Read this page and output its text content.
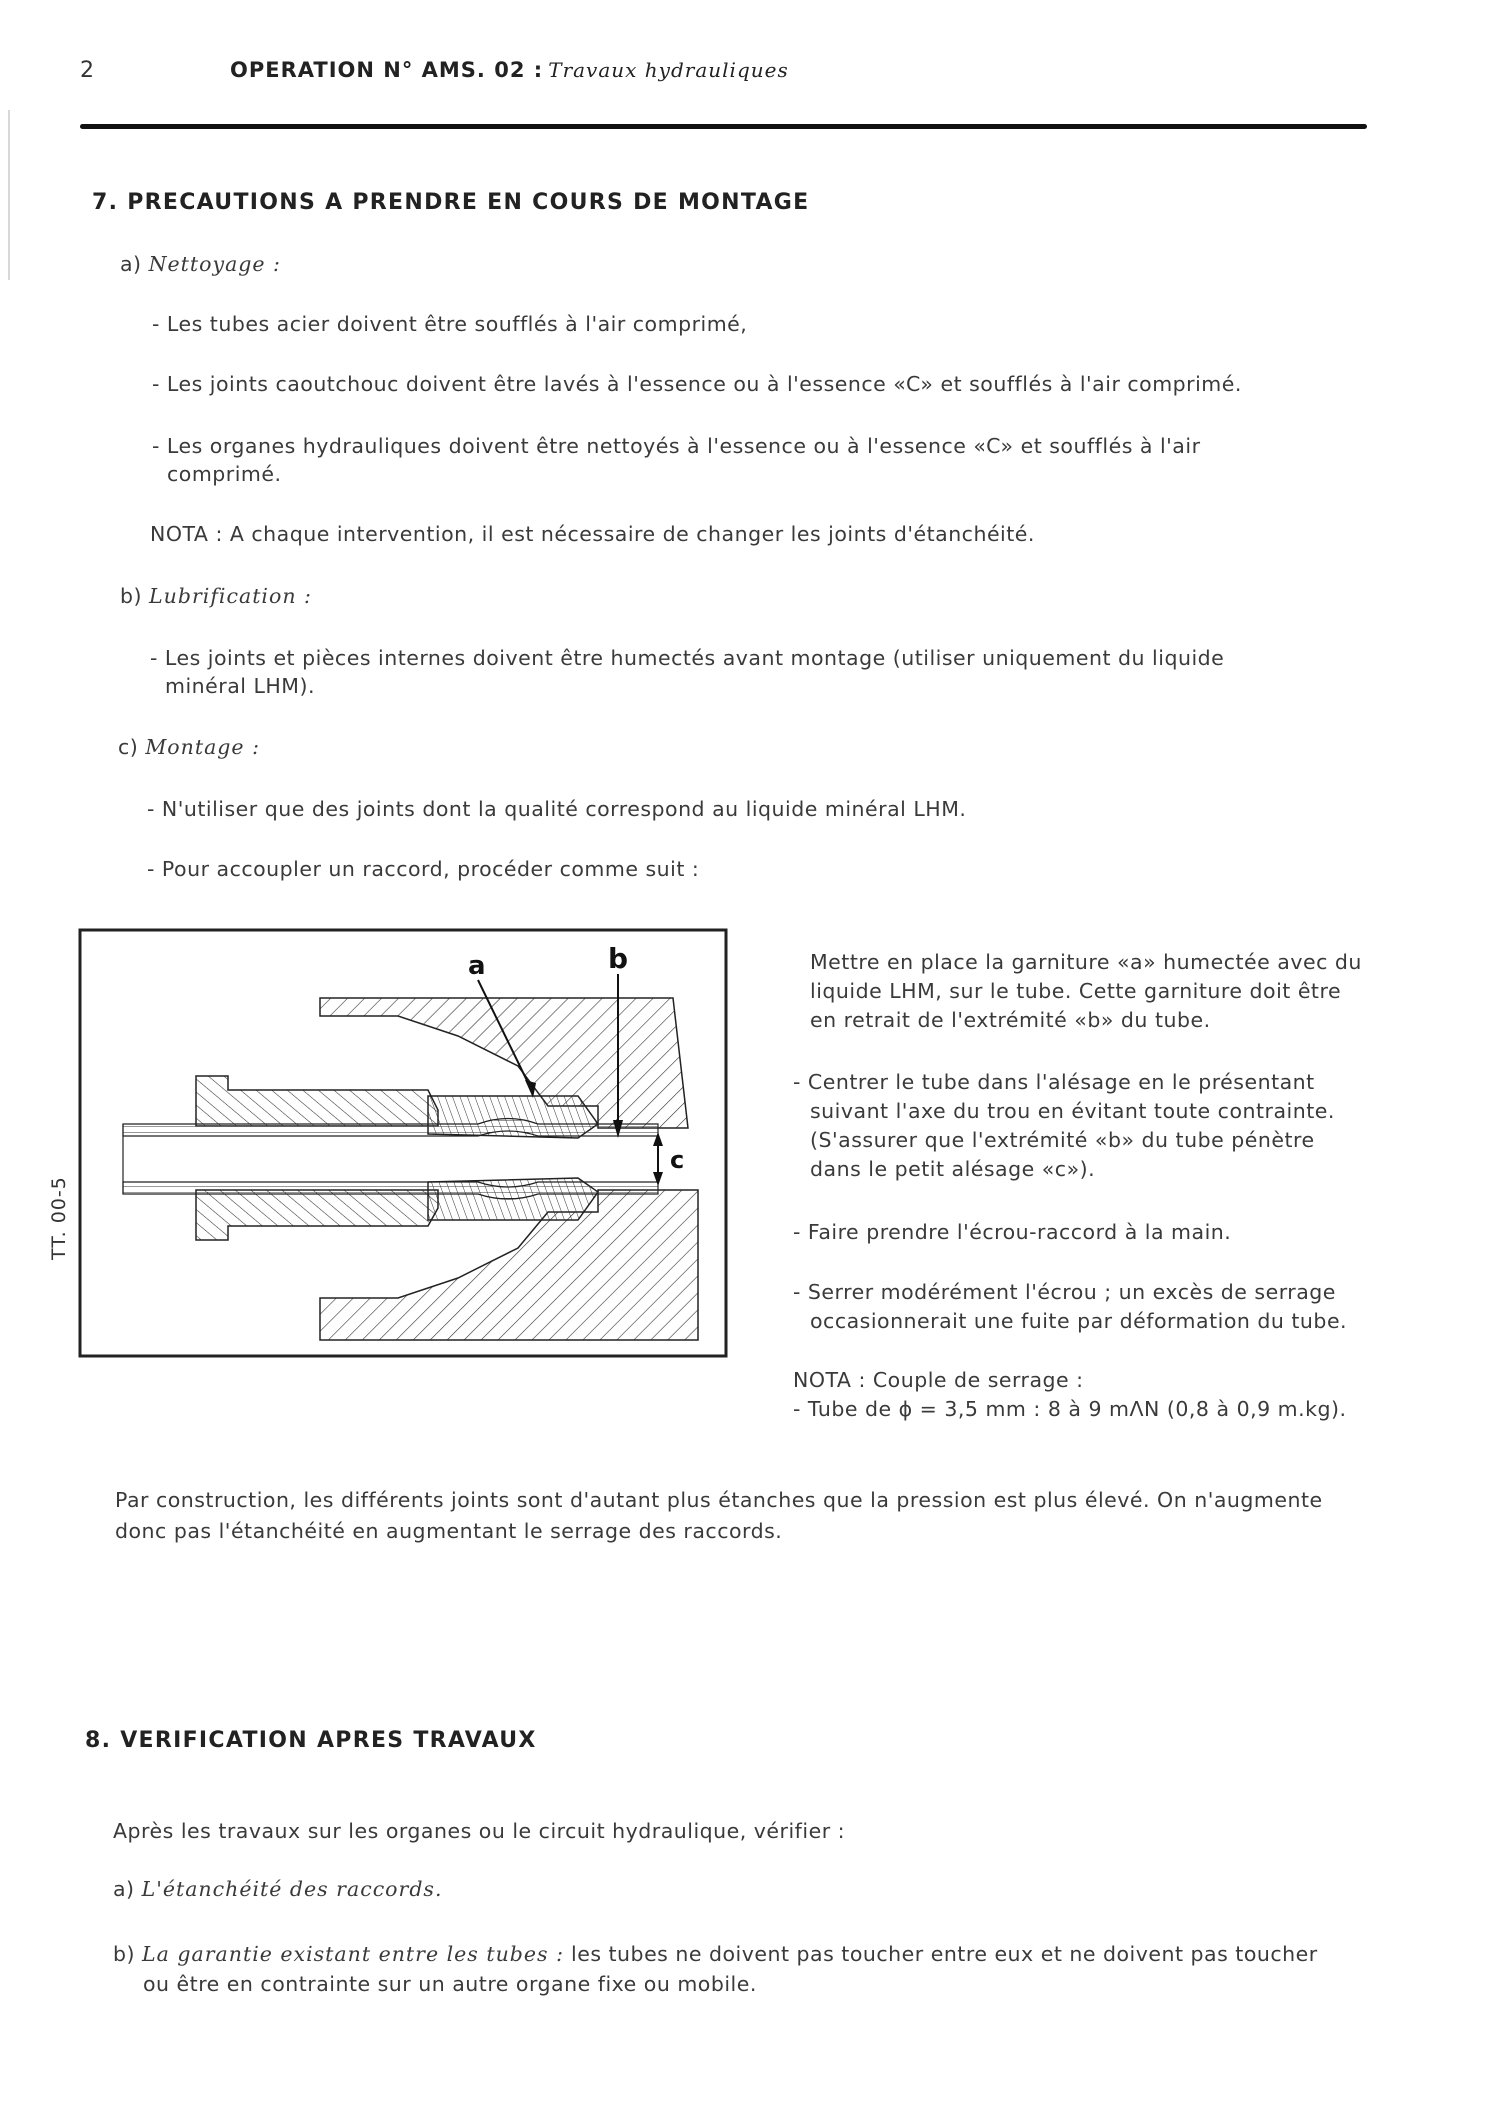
2	OPERATION N° AMS. 02 : Travaux hydrauliques
7. PRECAUTIONS A PRENDRE EN COURS DE MONTAGE
a) Nettoyage :
- Les tubes acier doivent être soufflés à l'air comprimé,
- Les joints caoutchouc doivent être lavés à l'essence ou à l'essence «C» et soufflés à l'air comprimé.
- Les organes hydrauliques doivent être nettoyés à l'essence ou à l'essence «C» et soufflés à l'air
comprimé.
NOTA : A chaque intervention, il est nécessaire de changer les joints d'étanchéité.
b) Lubrification :
- Les joints et pièces internes doivent être humectés avant montage (utiliser uniquement du liquide
minéral LHM).
c) Montage :
- N'utiliser que des joints dont la qualité correspond au liquide minéral LHM.
- Pour accoupler un raccord, procéder comme suit :
a	b
c
TT. 00-5
Mettre en place la garniture «a» humectée avec du
liquide LHM, sur le tube. Cette garniture doit être
en retrait de l'extrémité «b» du tube.
- Centrer le tube dans l'alésage en le présentant
suivant l'axe du trou en évitant toute contrainte.
(S'assurer que l'extrémité «b» du tube pénètre
dans le petit alésage «c»).
- Faire prendre l'écrou-raccord à la main.
- Serrer modérément l'écrou ; un excès de serrage
occasionnerait une fuite par déformation du tube.
NOTA : Couple de serrage :
- Tube de ϕ = 3,5 mm : 8 à 9 mΛN (0,8 à 0,9 m.kg).
Par construction, les différents joints sont d'autant plus étanches que la pression est plus élevé. On n'augmente
donc pas l'étanchéité en augmentant le serrage des raccords.
8. VERIFICATION APRES TRAVAUX
Après les travaux sur les organes ou le circuit hydraulique, vérifier :
a) L'étanchéité des raccords.
b) La garantie existant entre les tubes : les tubes ne doivent pas toucher entre eux et ne doivent pas toucher
ou être en contrainte sur un autre organe fixe ou mobile.
